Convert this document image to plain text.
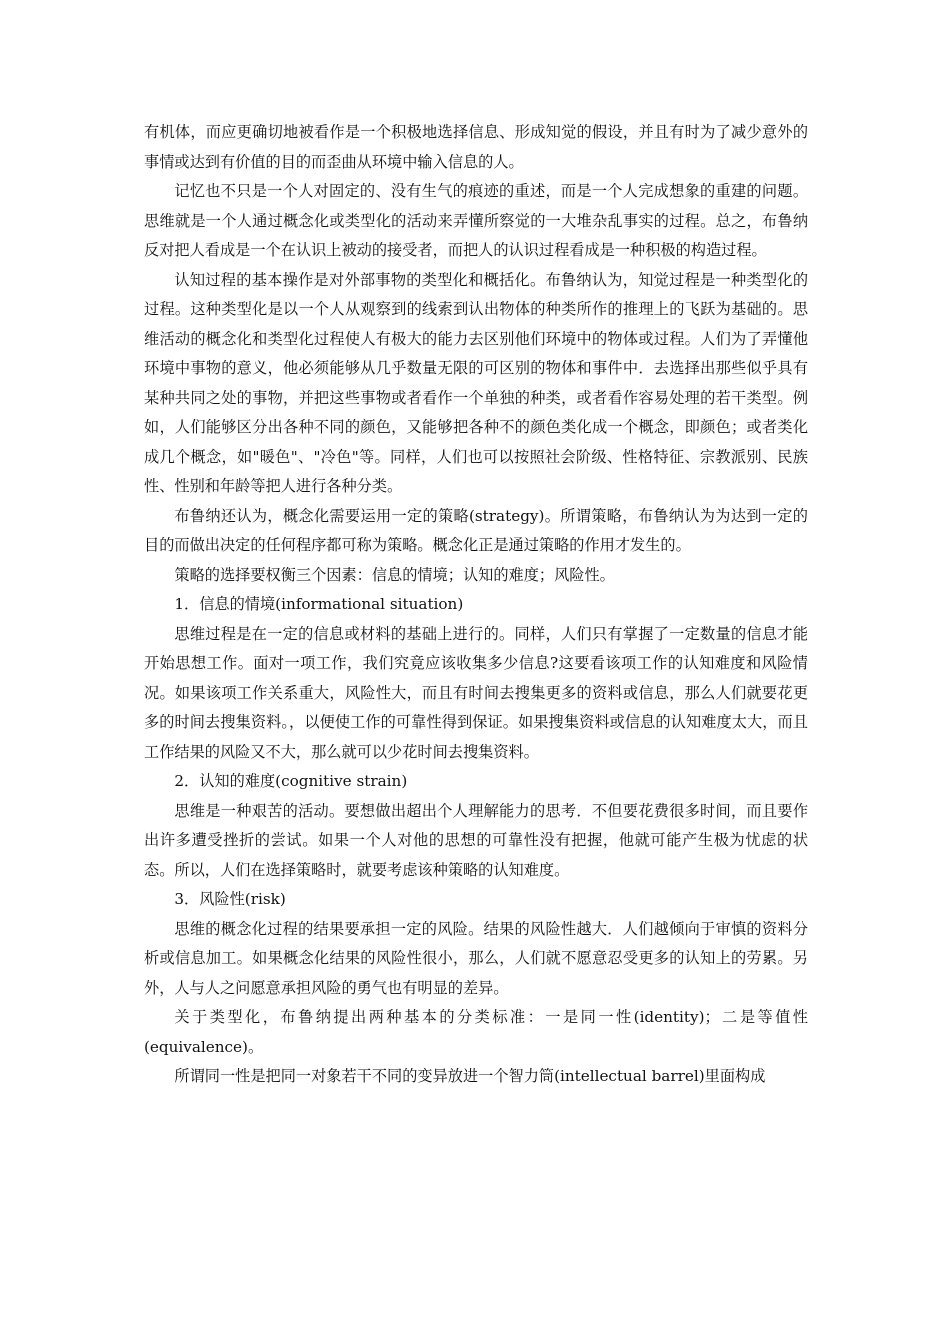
有机体，而应更确切地被看作是一个积极地选择信息、形成知觉的假设，并且有时为了减少意外的事情或达到有价值的目的而歪曲从环境中输入信息的人。

记忆也不只是一个人对固定的、没有生气的痕迹的重述，而是一个人完成想象的重建的问题。思维就是一个人通过概念化或类型化的活动来弄懂所察觉的一大堆杂乱事实的过程。总之，布鲁纳反对把人看成是一个在认识上被动的接受者，而把人的认识过程看成是一种积极的构造过程。

认知过程的基本操作是对外部事物的类型化和概括化。布鲁纳认为，知觉过程是一种类型化的过程。这种类型化是以一个人从观察到的线索到认出物体的种类所作的推理上的飞跃为基础的。思维活动的概念化和类型化过程使人有极大的能力去区别他们环境中的物体或过程。人们为了弄懂他环境中事物的意义，他必须能够从几乎数量无限的可区别的物体和事件中．去选择出那些似乎具有某种共同之处的事物，并把这些事物或者看作一个单独的种类，或者看作容易处理的若干类型。例如，人们能够区分出各种不同的颜色，又能够把各种不的颜色类化成一个概念，即颜色；或者类化成几个概念，如"暖色"、"冷色"等。同样，人们也可以按照社会阶级、性格特征、宗教派别、民族性、性别和年龄等把人进行各种分类。

布鲁纳还认为，概念化需要运用一定的策略(strategy)。所谓策略，布鲁纳认为为达到一定的目的而做出决定的任何程序都可称为策略。概念化正是通过策略的作用才发生的。

策略的选择要权衡三个因素：信息的情境；认知的难度；风险性。

1．信息的情境(informational situation)

思维过程是在一定的信息或材料的基础上进行的。同样，人们只有掌握了一定数量的信息才能开始思想工作。面对一项工作，我们究竟应该收集多少信息?这要看该项工作的认知难度和风险情况。如果该项工作关系重大，风险性大，而且有时间去搜集更多的资料或信息，那么人们就要花更多的时间去搜集资料。，以便使工作的可靠性得到保证。如果搜集资料或信息的认知难度太大，而且工作结果的风险又不大，那么就可以少花时间去搜集资料。

2．认知的难度(cognitive strain)

思维是一种艰苦的活动。要想做出超出个人理解能力的思考．不但要花费很多时间，而且要作出许多遭受挫折的尝试。如果一个人对他的思想的可靠性没有把握，他就可能产生极为忧虑的状态。所以，人们在选择策略时，就要考虑该种策略的认知难度。

3．风险性(risk)

思维的概念化过程的结果要承担一定的风险。结果的风险性越大．人们越倾向于审慎的资料分析或信息加工。如果概念化结果的风险性很小，那么，人们就不愿意忍受更多的认知上的劳累。另外，人与人之问愿意承担风险的勇气也有明显的差异。

关于类型化，布鲁纳提出两种基本的分类标准：一是同一性(identity)；二是等值性(equivalence)。

所谓同一性是把同一对象若干不同的变异放进一个智力筒(intellectual barrel)里面构成
